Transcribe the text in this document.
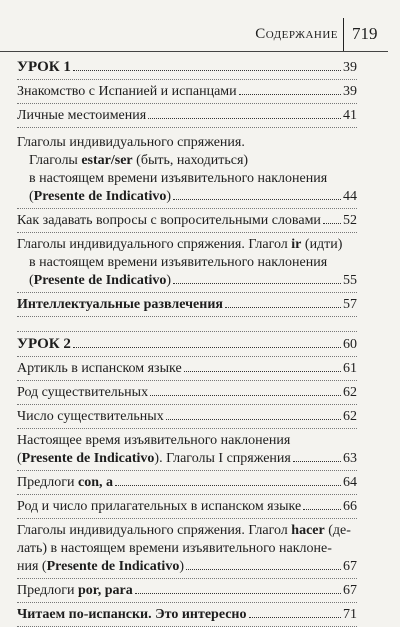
Содержание 719
УРОК 1	39
Знакомство с Испанией и испанцами	39
Личные местоимения	41
Глаголы индивидуального спряжения.
Глаголы estar/ser (быть, находиться)
в настоящем времени изъявительного наклонения
(Presente de Indicativo)	44
Как задавать вопросы с вопросительными словами 52
Глаголы индивидуального спряжения. Глагол ir (идти)
в настоящем времени изъявительного наклонения
(Presente de Indicativo)	55
Интеллектуальные развлечения	57
УРОК 2	60
Артикль в испанском языке	61
Род существительных	62
Число существительных	62
Настоящее время изъявительного наклонения
(Presente de Indicativo). Глаголы I спряжения	63
Предлоги con, a	64
Род и число прилагательных в испанском языке	66
Глаголы индивидуального спряжения. Глагол hacer (де-
лать) в настоящем времени изъявительного наклоне-
ния (Presente de Indicativo)	67
Предлоги por, para	67
Читаем по-испански. Это интересно	71
